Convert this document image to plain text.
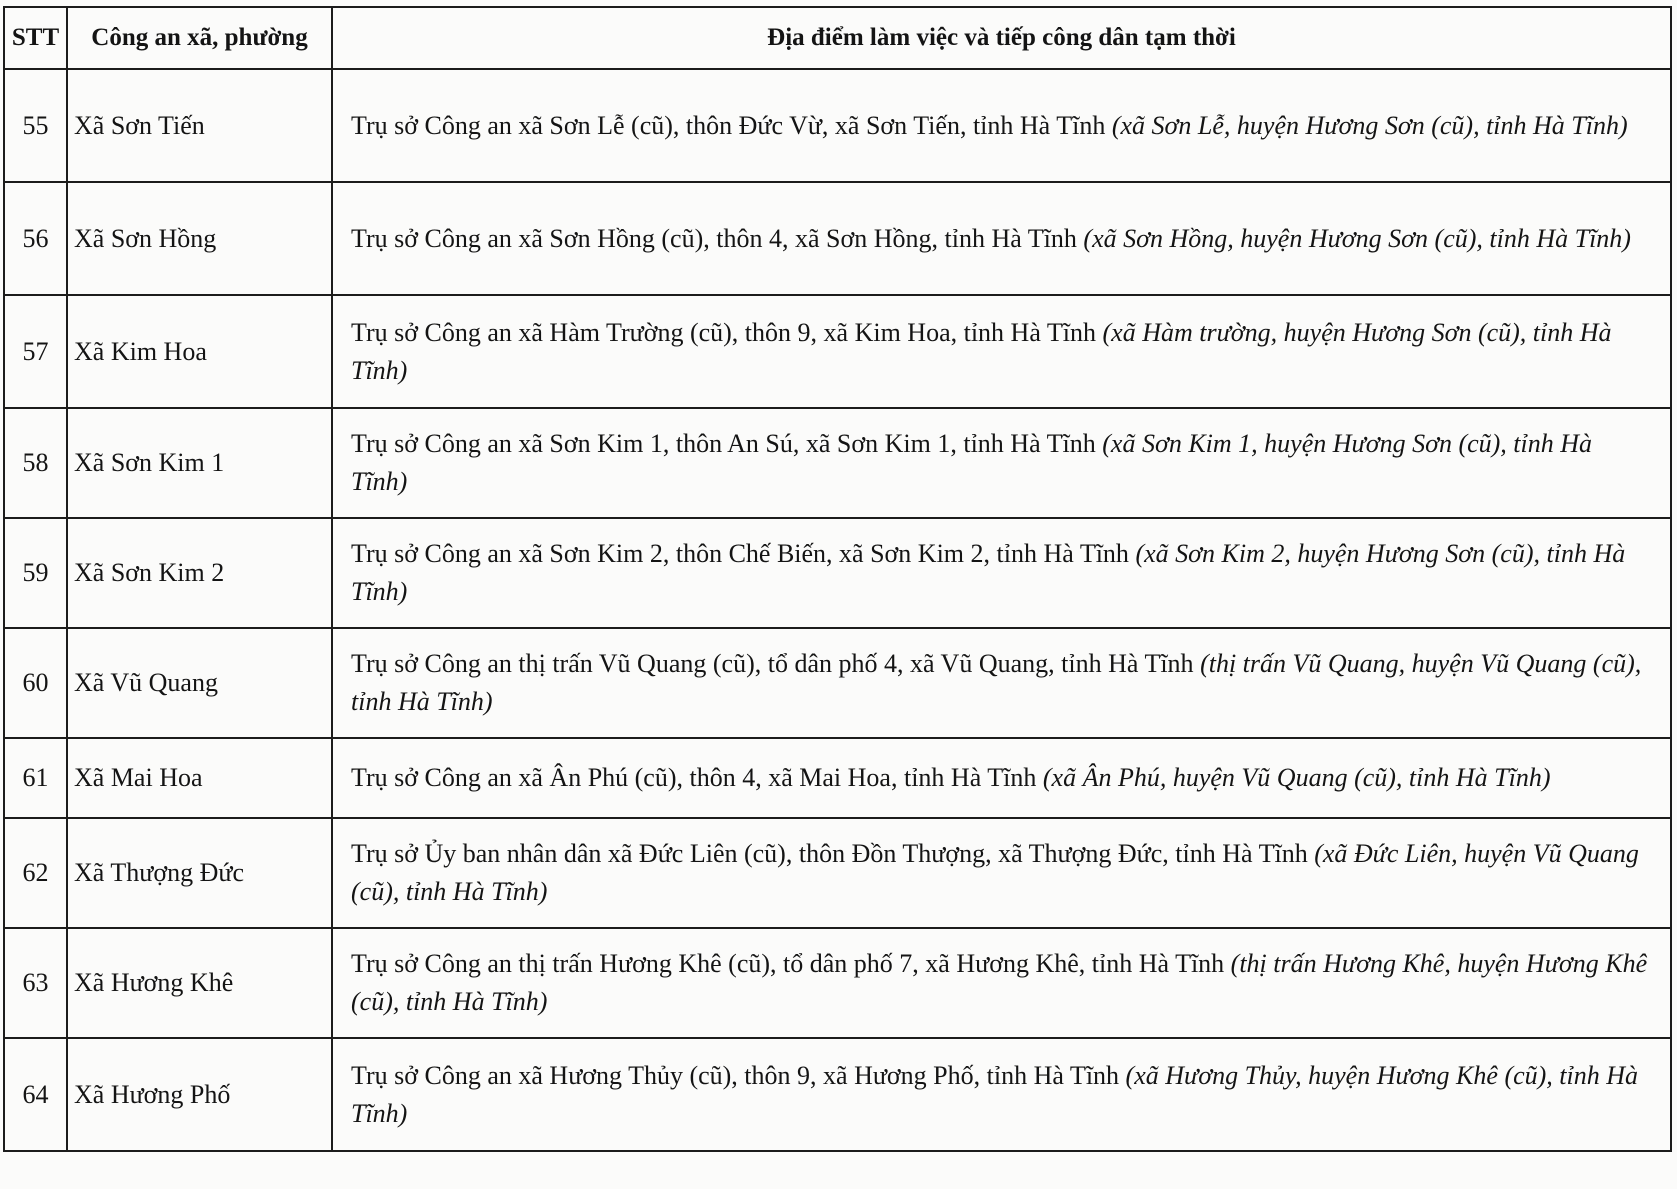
STT	Công an xã, phường	Địa điểm làm việc và tiếp công dân tạm thời
55	Xã Sơn Tiến	Trụ sở Công an xã Sơn Lễ (cũ), thôn Đức Vừ, xã Sơn Tiến, tỉnh Hà Tĩnh (xã Sơn Lễ, huyện Hương Sơn (cũ), tỉnh Hà Tĩnh)
56	Xã Sơn Hồng	Trụ sở Công an xã Sơn Hồng (cũ), thôn 4, xã Sơn Hồng, tỉnh Hà Tĩnh (xã Sơn Hồng, huyện Hương Sơn (cũ), tỉnh Hà Tĩnh)
57	Xã Kim Hoa	Trụ sở Công an xã Hàm Trường (cũ), thôn 9, xã Kim Hoa, tỉnh Hà Tĩnh (xã Hàm trường, huyện Hương Sơn (cũ), tỉnh Hà Tĩnh)
58	Xã Sơn Kim 1	Trụ sở Công an xã Sơn Kim 1, thôn An Sú, xã Sơn Kim 1, tỉnh Hà Tĩnh (xã Sơn Kim 1, huyện Hương Sơn (cũ), tỉnh Hà Tĩnh)
59	Xã Sơn Kim 2	Trụ sở Công an xã Sơn Kim 2, thôn Chế Biến, xã Sơn Kim 2, tỉnh Hà Tĩnh (xã Sơn Kim 2, huyện Hương Sơn (cũ), tỉnh Hà Tĩnh)
60	Xã Vũ Quang	Trụ sở Công an thị trấn Vũ Quang (cũ), tổ dân phố 4, xã Vũ Quang, tỉnh Hà Tĩnh (thị trấn Vũ Quang, huyện Vũ Quang (cũ), tỉnh Hà Tĩnh)
61	Xã Mai Hoa	Trụ sở Công an xã Ân Phú (cũ), thôn 4, xã Mai Hoa, tỉnh Hà Tĩnh (xã Ân Phú, huyện Vũ Quang (cũ), tỉnh Hà Tĩnh)
62	Xã Thượng Đức	Trụ sở Ủy ban nhân dân xã Đức Liên (cũ), thôn Đồn Thượng, xã Thượng Đức, tỉnh Hà Tĩnh (xã Đức Liên, huyện Vũ Quang (cũ), tỉnh Hà Tĩnh)
63	Xã Hương Khê	Trụ sở Công an thị trấn Hương Khê (cũ), tổ dân phố 7, xã Hương Khê, tỉnh Hà Tĩnh (thị trấn Hương Khê, huyện Hương Khê (cũ), tỉnh Hà Tĩnh)
64	Xã Hương Phố	Trụ sở Công an xã Hương Thủy (cũ), thôn 9, xã Hương Phố, tỉnh Hà Tĩnh (xã Hương Thủy, huyện Hương Khê (cũ), tỉnh Hà Tĩnh)
